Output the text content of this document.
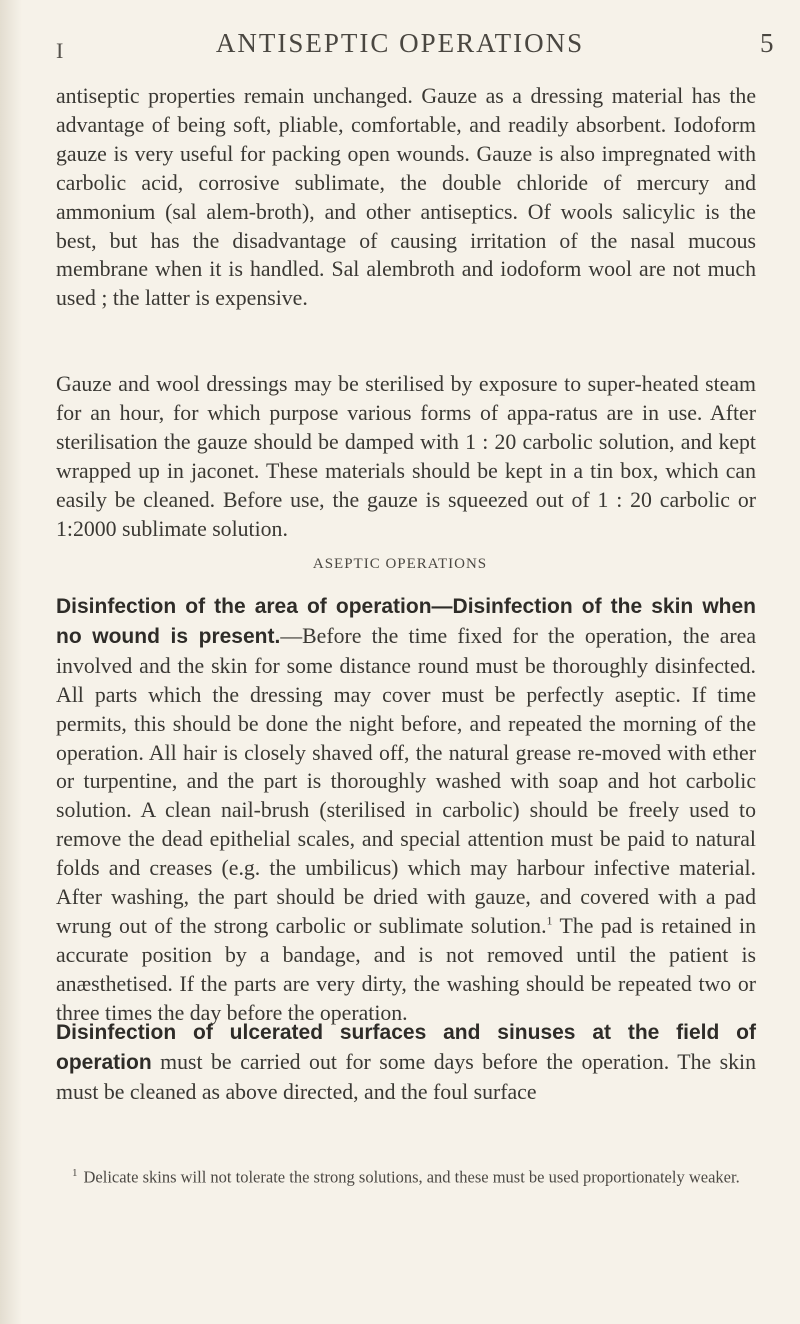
I	ANTISEPTIC OPERATIONS	5
antiseptic properties remain unchanged. Gauze as a dressing material has the advantage of being soft, pliable, comfortable, and readily absorbent. Iodoform gauze is very useful for packing open wounds. Gauze is also impregnated with carbolic acid, corrosive sublimate, the double chloride of mercury and ammonium (sal alem-broth), and other antiseptics. Of wools salicylic is the best, but has the disadvantage of causing irritation of the nasal mucous membrane when it is handled. Sal alembroth and iodoform wool are not much used ; the latter is expensive.
Gauze and wool dressings may be sterilised by exposure to super-heated steam for an hour, for which purpose various forms of appa-ratus are in use. After sterilisation the gauze should be damped with 1 : 20 carbolic solution, and kept wrapped up in jaconet. These materials should be kept in a tin box, which can easily be cleaned. Before use, the gauze is squeezed out of 1 : 20 carbolic or 1:2000 sublimate solution.
ASEPTIC OPERATIONS
Disinfection of the area of operation—Disinfection of the skin when no wound is present.—Before the time fixed for the operation, the area involved and the skin for some distance round must be thoroughly disinfected. All parts which the dressing may cover must be perfectly aseptic. If time permits, this should be done the night before, and repeated the morning of the operation. All hair is closely shaved off, the natural grease re-moved with ether or turpentine, and the part is thoroughly washed with soap and hot carbolic solution. A clean nail-brush (sterilised in carbolic) should be freely used to remove the dead epithelial scales, and special attention must be paid to natural folds and creases (e.g. the umbilicus) which may harbour infective material. After washing, the part should be dried with gauze, and covered with a pad wrung out of the strong carbolic or sublimate solution.$^1$ The pad is retained in accurate position by a bandage, and is not removed until the patient is anæsthetised. If the parts are very dirty, the washing should be repeated two or three times the day before the operation.
Disinfection of ulcerated surfaces and sinuses at the field of operation must be carried out for some days before the operation. The skin must be cleaned as above directed, and the foul surface
$^1$ Delicate skins will not tolerate the strong solutions, and these must be used proportionately weaker.
